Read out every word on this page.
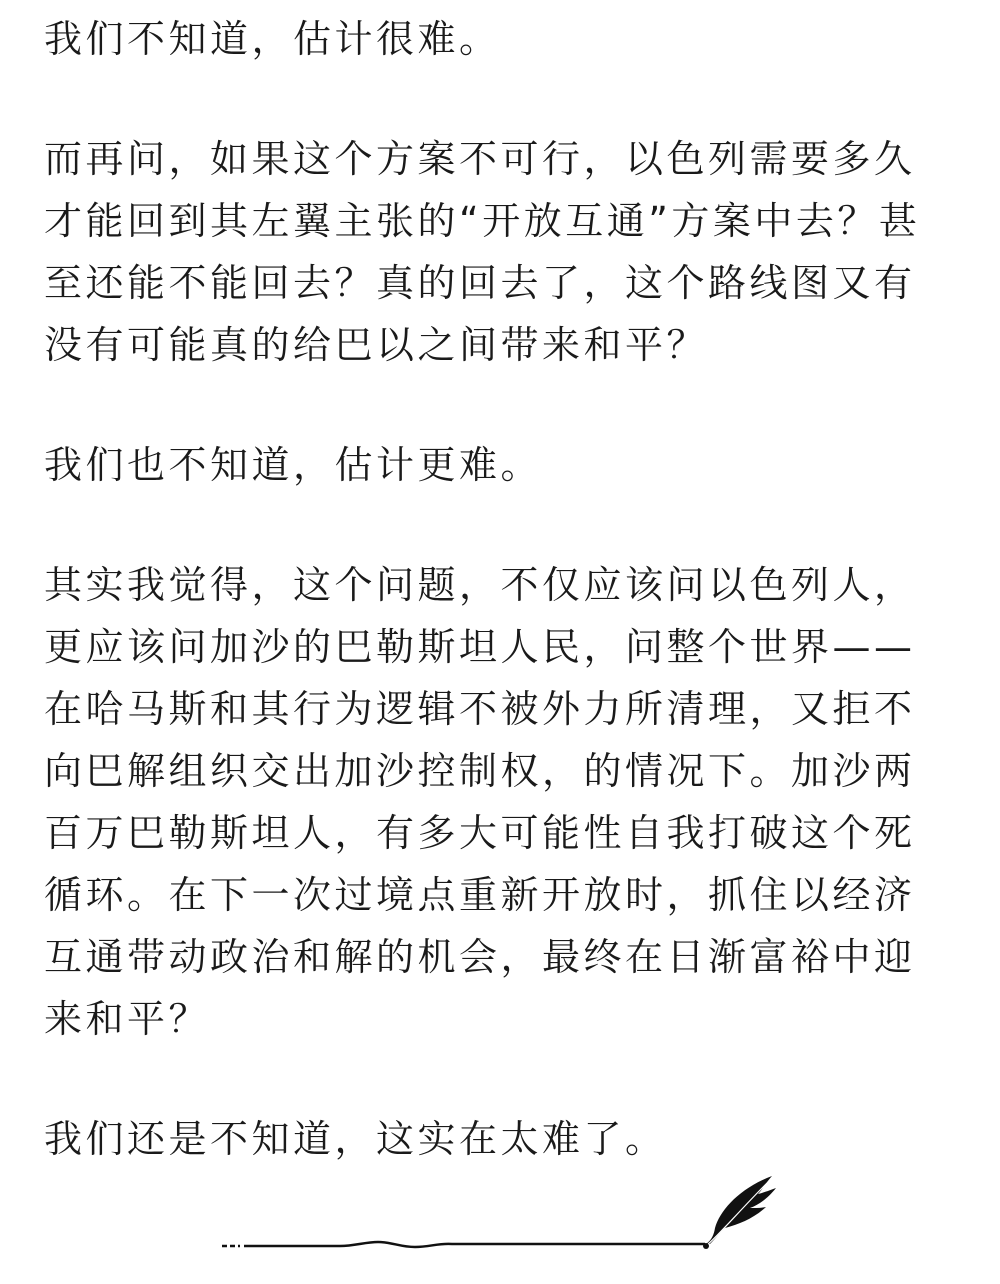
我们不知道，估计很难。
而再问，如果这个方案不可行，以色列需要多久
才能回到其左翼主张的“开放互通”方案中去？甚
至还能不能回去？真的回去了，这个路线图又有
没有可能真的给巴以之间带来和平？
我们也不知道，估计更难。
其实我觉得，这个问题，不仅应该问以色列人，
更应该问加沙的巴勒斯坦人民，问整个世界——
在哈马斯和其行为逻辑不被外力所清理，又拒不
向巴解组织交出加沙控制权，的情况下。加沙两
百万巴勒斯坦人，有多大可能性自我打破这个死
循环。在下一次过境点重新开放时，抓住以经济
互通带动政治和解的机会，最终在日渐富裕中迎
来和平？
我们还是不知道，这实在太难了。
